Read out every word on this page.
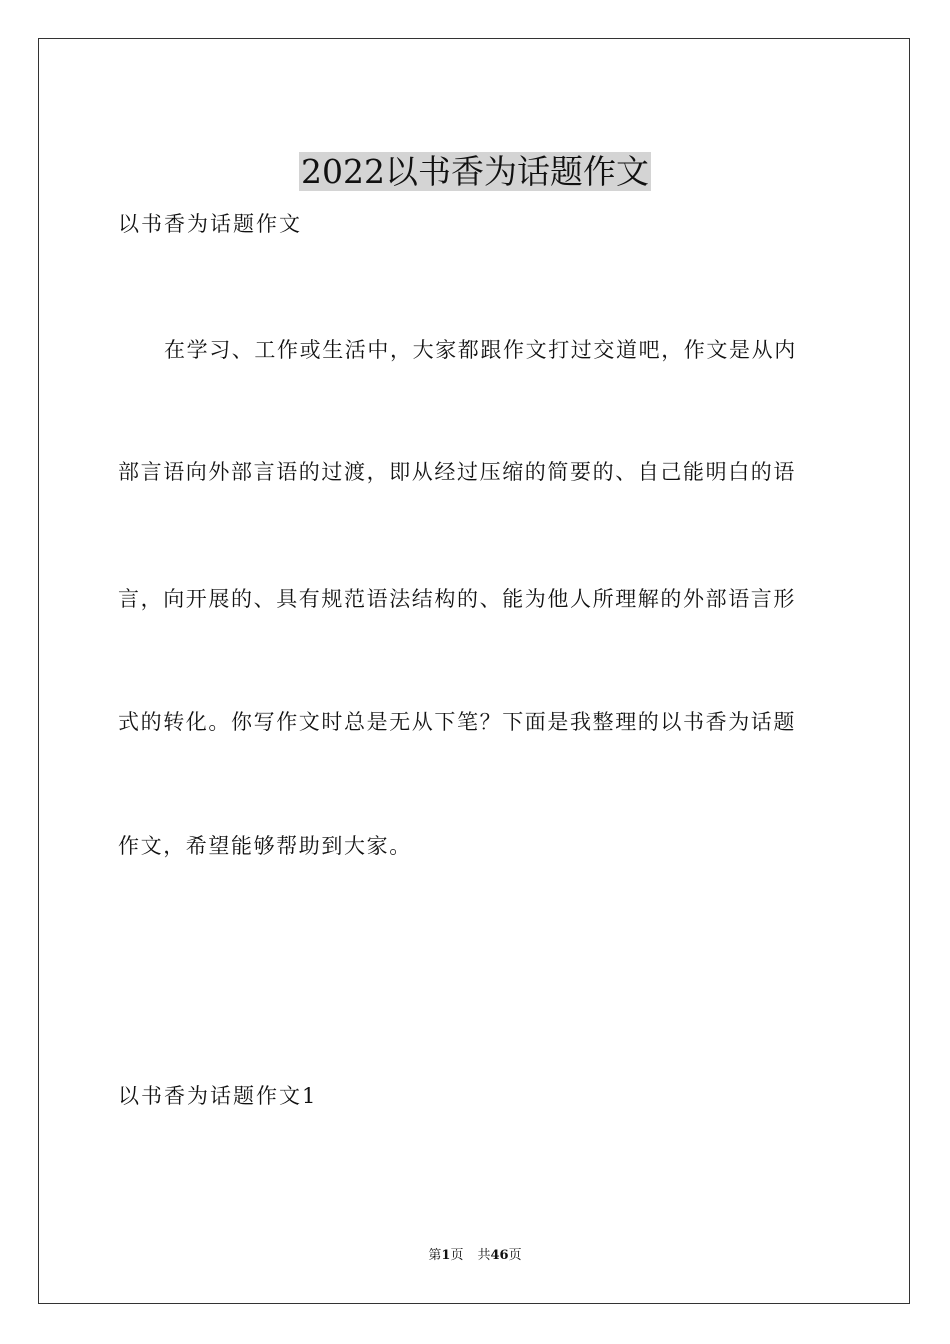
2022以书香为话题作文
以书香为话题作文
在学习、工作或生活中，大家都跟作文打过交道吧，作文是从内
部言语向外部言语的过渡，即从经过压缩的简要的、自己能明白的语
言，向开展的、具有规范语法结构的、能为他人所理解的外部语言形
式的转化。你写作文时总是无从下笔？下面是我整理的以书香为话题
作文，希望能够帮助到大家。
以书香为话题作文1
第1页 共46页
